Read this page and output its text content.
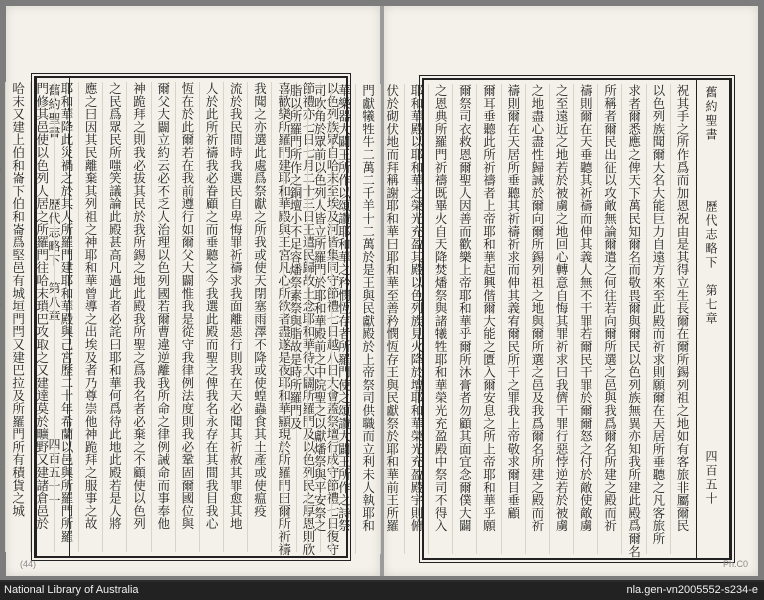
舊約聖書
歷代志略下　第八章
四百五十一	以色列族眾自哈末至埃及河皆集同守節禮七日越八日大會蓋祭壇行成守節禮七日復守
節禮亦七日七月二十三日王遣民歸故土念耶和華待大闢所羅門及以色列民之厚恩則欣
喜歡樂所羅門建耶和華殿與王宮凡心所欲者盡遂是夜耶和華顯現於所羅門曰爾所祈禱
我聞之亦選此處爲祭獻之所我或使天閉塞雨澤不降或使蝗蟲食其土產或使瘟疫
流於我民間時我選民自卑悔罪祈禱求我面離惡行則我在天必聞其祈赦其罪愈其地
人於此所祈禱我必眷顧之而垂聽之今我選此殿而聖之俾我名永存在其間我目我心
恆在於此爾若在我前遵行如爾父大闢惟我是從守我律例法度則我必鞏固爾國位與
爾父大闢立約云必不乏人治理以色列國若爾曹違逆離我所命之律例誡命而事奉他
神跪拜之則我必拔其民於我所錫之地此殿我所聖之爲我名者必棄之不顧使以色列
之民爲眾民所嗤笑議論此殿甚高凡過此者必詫曰耶和華何爲待此地此殿若是人將
應之曰因其民離棄其列祖之神耶和華曾導之出埃及者乃尊崇他神跪拜之服事之故
耶和華降此災禍之於其人所羅門建耶和華殿與己宮歷二十年希蘭以邑與所羅門所羅
門修其邑使以色列人居之所羅門往哈末瑣巴攻取之又建達莫於曠野又建諸倉邑於
哈末又建上伯和崙下伯和崙爲堅邑有城垣門閂又建巴拉及所羅門所有積貨之城
(44)
舊約聖書
歷代志略下　第七章
四百五十
祝其手之所作爲而加恩祝由是其得立生長爾在爾所錫列祖之地如有客旅非屬爾民
以色列族聞爾大名大能巨力自遠方來至此殿而祈求則願爾在天居所垂聽之凡客旅所
求者爾悉應之俾天下萬民知爾名而敬畏爾與爾民以色列族無異亦知我所建此殿爲爾名
所稱者爾民出征以攻敵無論爾遣之何往若向爾所選之邑與我爲爾名所建之殿而祈
禱則爾在天垂聽其祈禱而伸其義人無不干罪若爾民干罪於爾爾怒之付於敵使敵虜
之至遠近之地若於被虜之地回心轉意自悔其罪祈求曰我儕干罪行惡悖逆若於被虜
之地盡心盡性歸誠於爾向爾所錫列祖之地與爾所選之邑及我爲爾名所建之殿而祈
禱則爾在天居所垂聽其祈禱祈求而伸其義宥爾民所干之罪我上帝敬求爾目垂顧
爾耳垂聽此所祈禱者上帝耶和華起興偕爾大能之匱入爾安息之所上帝耶和華乎願
爾祭司衣救恩爾聖人因善而歡樂上帝耶和華乎爾所沐膏者勿顧其面宜念爾僕大闢
之恩典所羅門祈禱既畢火自天降焚燔祭與諸犧牲耶和華榮光充盈殿中祭司不得入
耶和華殿以耶和華之榮光充盈其殿以色列族見火降於壇耶和華榮光充盈殿宇則俯
伏於砌伏地而拜稱謝耶和華曰耶和華至善矜憫恆存王與民獻祭於耶和華前王所羅
門獻犧牲牛二萬二千羊十二萬於是王與民獻殿於上帝祭司供職而立利未人執耶和
華樂器大闢王所作以頌讚耶和華之矜憫恆存者所羅門使之頌讚大闢王所作之詩祭
司吹角於眾前以色列人皆立所羅門於耶和華殿前之中院聖之以獻燔祭與平安祭之
脂以所羅門所作之銅壇小不足容燔祭素祭與脂故是時所羅門及
Ph.C0
National Library of Australia	nla.gen-vn2005552-s234-e
